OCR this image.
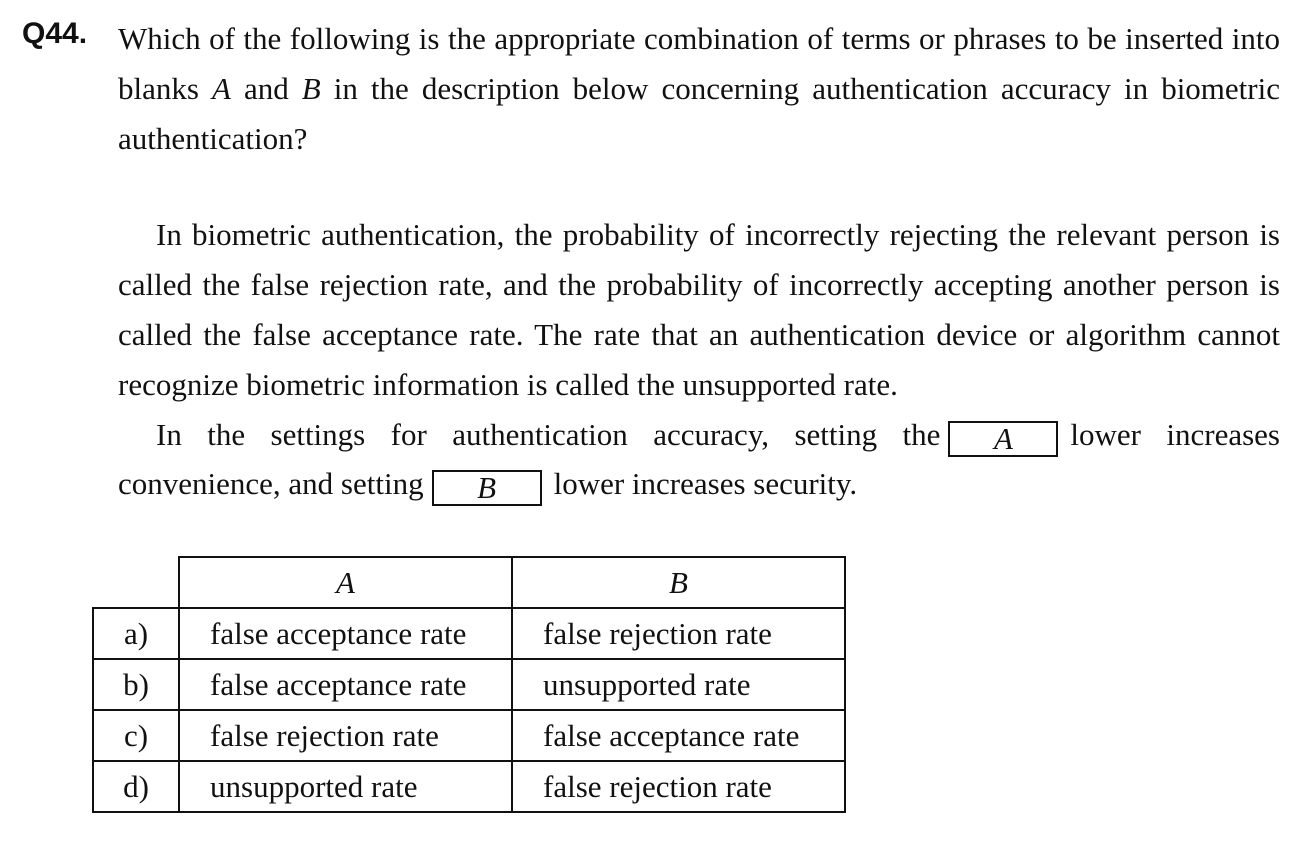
Q44. Which of the following is the appropriate combination of terms or phrases to be inserted into blanks A and B in the description below concerning authentication accuracy in biometric authentication?

In biometric authentication, the probability of incorrectly rejecting the relevant person is called the false rejection rate, and the probability of incorrectly accepting another person is called the false acceptance rate. The rate that an authentication device or algorithm cannot recognize biometric information is called the unsupported rate.

In the settings for authentication accuracy, setting the A lower increases convenience, and setting B lower increases security.

	A	B
a)	false acceptance rate	false rejection rate
b)	false acceptance rate	unsupported rate
c)	false rejection rate	false acceptance rate
d)	unsupported rate	false rejection rate
